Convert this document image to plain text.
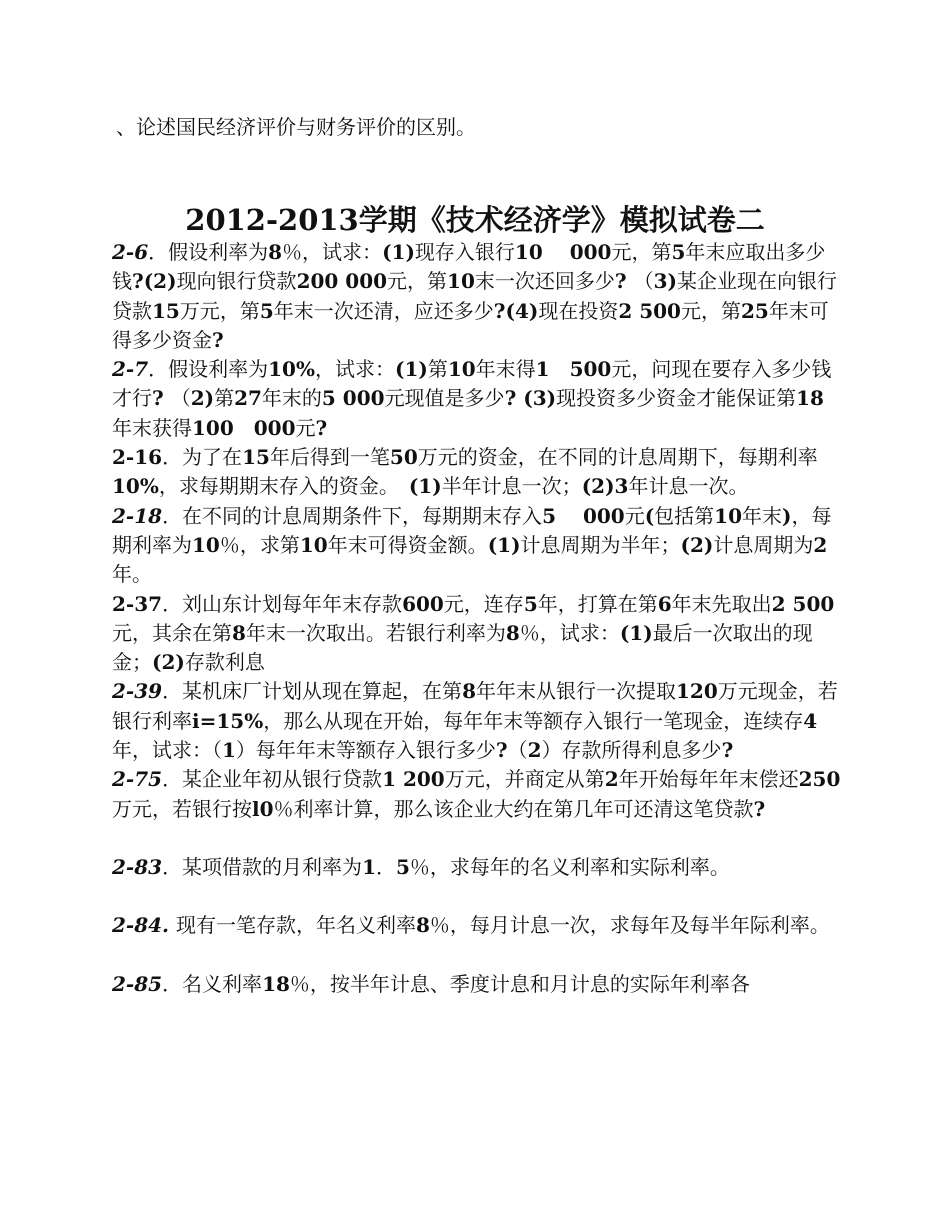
、论述国民经济评价与财务评价的区别。
2012-2013学期《技术经济学》模拟试卷二

2-6．假设利率为8％，试求：(1)现存入银行10　 000元，第5年末应取出多少钱?(2)现向银行贷款200 000元，第10末一次还回多少? （3)某企业现在向银行贷款15万元，第5年末一次还清，应还多少?(4)现在投资2 500元，第25年末可得多少资金?

2-7．假设利率为10%，试求：(1)第10年末得1　500元，问现在要存入多少钱才行? （2)第27年末的5 000元现值是多少? (3)现投资多少资金才能保证第18年末获得100　000元?

2-16．为了在15年后得到一笔50万元的资金，在不同的计息周期下，每期利率10%，求每期期末存入的资金。　(1)半年计息一次；(2)3年计息一次。

2-18．在不同的计息周期条件下，每期期末存入5　 000元(包括第10年末)，每期利率为10％，求第10年末可得资金额。(1)计息周期为半年；(2)计息周期为2年。

2-37．刘山东计划每年年末存款600元，连存5年，打算在第6年末先取出2 500元，其余在第8年末一次取出。若银行利率为8％，试求：(1)最后一次取出的现金；(2)存款利息

2-39．某机床厂计划从现在算起，在第8年年末从银行一次提取120万元现金，若银行利率i=15%，那么从现在开始，每年年末等额存入银行一笔现金，连续存4年，试求：（1）每年年末等额存入银行多少?（2）存款所得利息多少?

2-75．某企业年初从银行贷款1 200万元，并商定从第2年开始每年年末偿还250万元，若银行按l0％利率计算，那么该企业大约在第几年可还清这笔贷款?

2-83．某项借款的月利率为1．5％，求每年的名义利率和实际利率。

2-84. 现有一笔存款，年名义利率8％，每月计息一次，求每年及每半年际利率。

2-85．名义利率18％，按半年计息、季度计息和月计息的实际年利率各
